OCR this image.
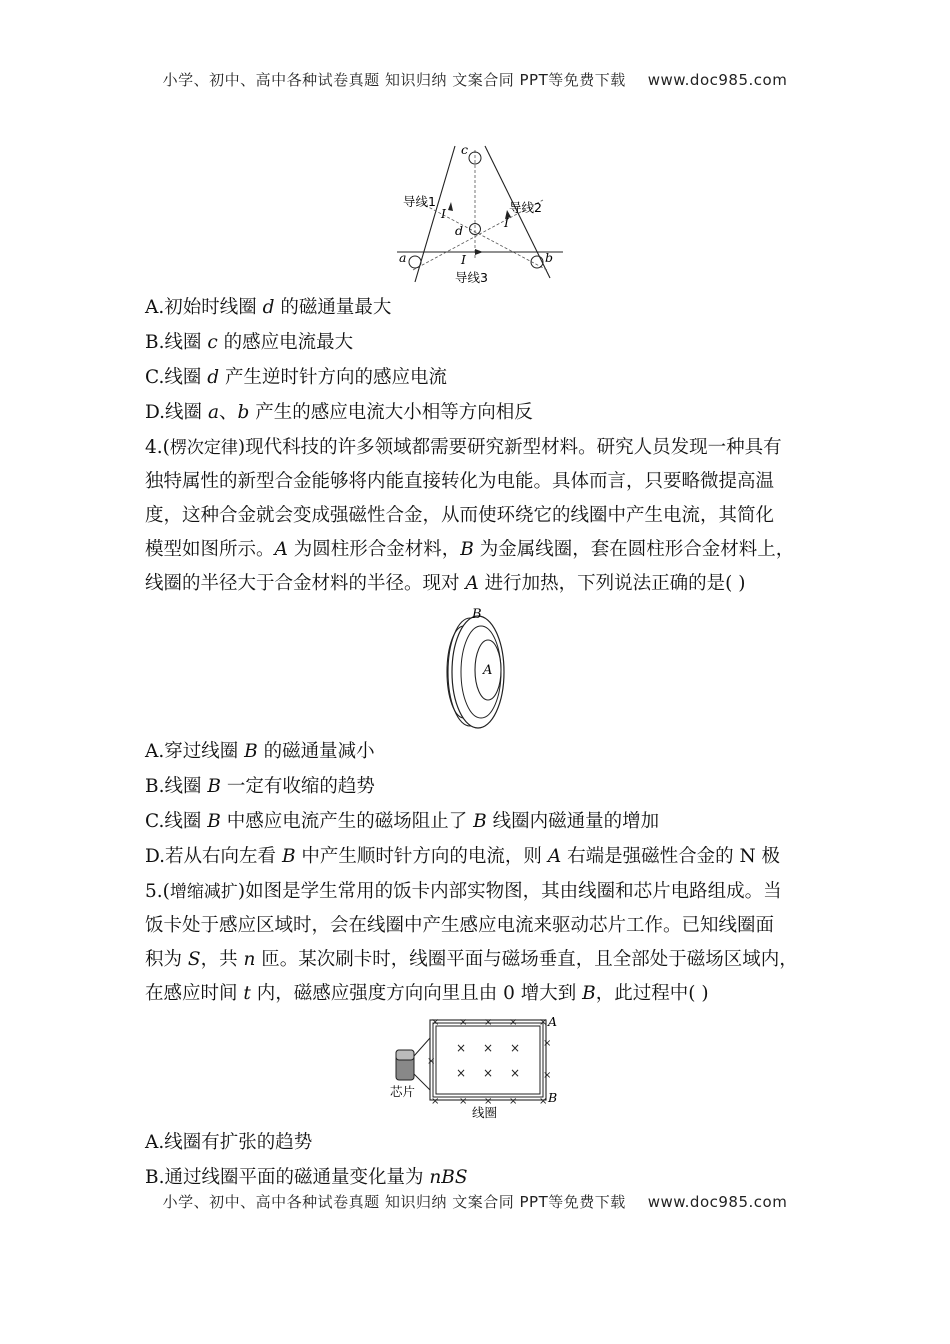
小学、初中、高中各种试卷真题 知识归纳 文案合同 PPT等免费下载 www.doc985.com
导线1	导线2
导线3
I
I
I
c
d
a	b
A.初始时线圈 d 的磁通量最大
B.线圈 c 的感应电流最大
C.线圈 d 产生逆时针方向的感应电流
D.线圈 a、b 产生的感应电流大小相等方向相反
4.(楞次定律)现代科技的许多领域都需要研究新型材料。研究人员发现一种具有
独特属性的新型合金能够将内能直接转化为电能。具体而言，只要略微提高温
度，这种合金就会变成强磁性合金，从而使环绕它的线圈中产生电流，其简化
模型如图所示。A 为圆柱形合金材料，B 为金属线圈，套在圆柱形合金材料上，
线圈的半径大于合金材料的半径。现对 A 进行加热，下列说法正确的是( )
A
B
A.穿过线圈 B 的磁通量减小
B.线圈 B 一定有收缩的趋势
C.线圈 B 中感应电流产生的磁场阻止了 B 线圈内磁通量的增加
D.若从右向左看 B 中产生顺时针方向的电流，则 A 右端是强磁性合金的 N 极
5.(增缩减扩)如图是学生常用的饭卡内部实物图，其由线圈和芯片电路组成。当
饭卡处于感应区域时，会在线圈中产生感应电流来驱动芯片工作。已知线圈面
积为 S，共 n 匝。某次刷卡时，线圈平面与磁场垂直，且全部处于磁场区域内，
在感应时间 t 内，磁感应强度方向向里且由 0 增大到 B，此过程中( )
× × × × ×
× × × × ×
×
×
×
× × ×
× × ×
A
B
芯片
线圈
A.线圈有扩张的趋势
B.通过线圈平面的磁通量变化量为 nBS
小学、初中、高中各种试卷真题 知识归纳 文案合同 PPT等免费下载 www.doc985.com
